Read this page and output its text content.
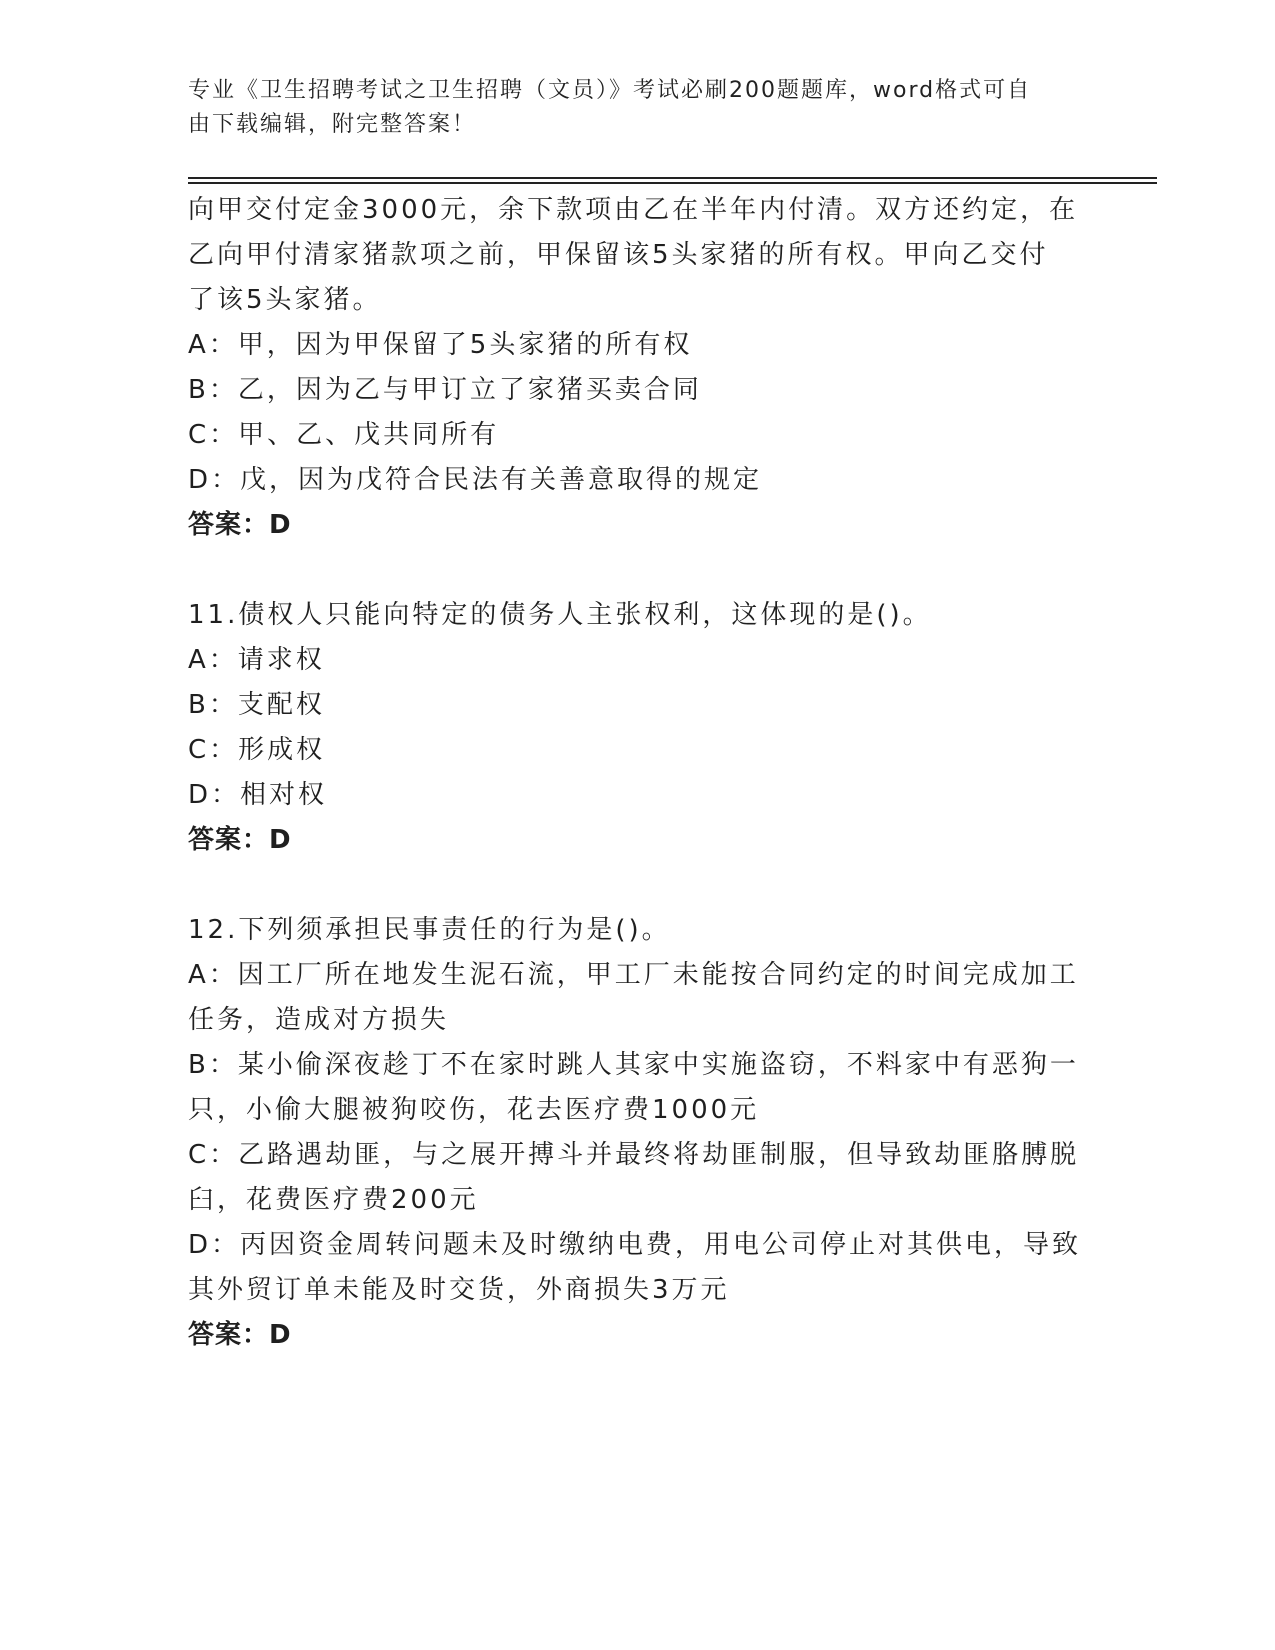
专业《卫生招聘考试之卫生招聘（文员）》考试必刷200题题库，word格式可自
由下载编辑，附完整答案！
向甲交付定金3000元，余下款项由乙在半年内付清。双方还约定，在
乙向甲付清家猪款项之前，甲保留该5头家猪的所有权。甲向乙交付
了该5头家猪。
A：甲，因为甲保留了5头家猪的所有权
B：乙，因为乙与甲订立了家猪买卖合同
C：甲、乙、戊共同所有
D：戊，因为戊符合民法有关善意取得的规定
答案：D
11.债权人只能向特定的债务人主张权利，这体现的是()。
A：请求权
B：支配权
C：形成权
D：相对权
答案：D
12.下列须承担民事责任的行为是()。
A：因工厂所在地发生泥石流，甲工厂未能按合同约定的时间完成加工
任务，造成对方损失
B：某小偷深夜趁丁不在家时跳人其家中实施盗窃，不料家中有恶狗一
只，小偷大腿被狗咬伤，花去医疗费1000元
C：乙路遇劫匪，与之展开搏斗并最终将劫匪制服，但导致劫匪胳膊脱
臼，花费医疗费200元
D：丙因资金周转问题未及时缴纳电费，用电公司停止对其供电，导致
其外贸订单未能及时交货，外商损失3万元
答案：D
